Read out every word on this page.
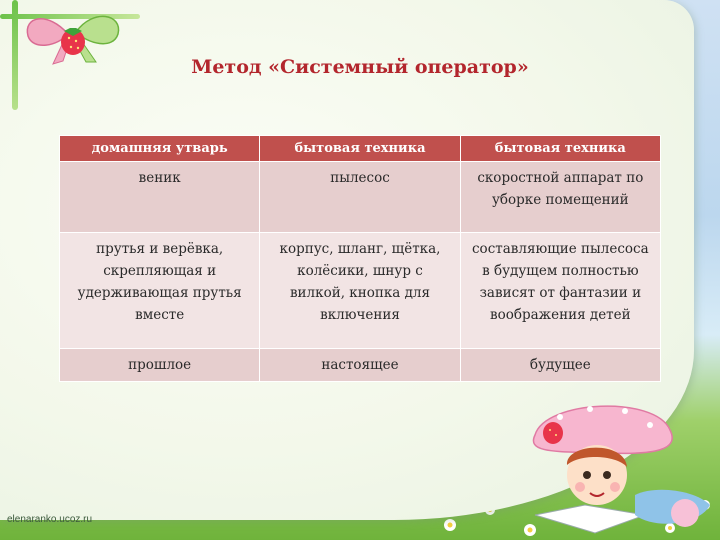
Метод «Системный оператор»
домашняя утварь	бытовая техника	бытовая техника
веник	пылесос	скоростной аппарат по уборке помещений
прутья и верёвка, скрепляющая и удерживающая прутья вместе	корпус, шланг, щётка, колёсики, шнур с вилкой, кнопка для включения	составляющие пылесоса в будущем полностью зависят от фантазии и воображения детей
прошлое	настоящее	будущее
elenaranko.ucoz.ru
